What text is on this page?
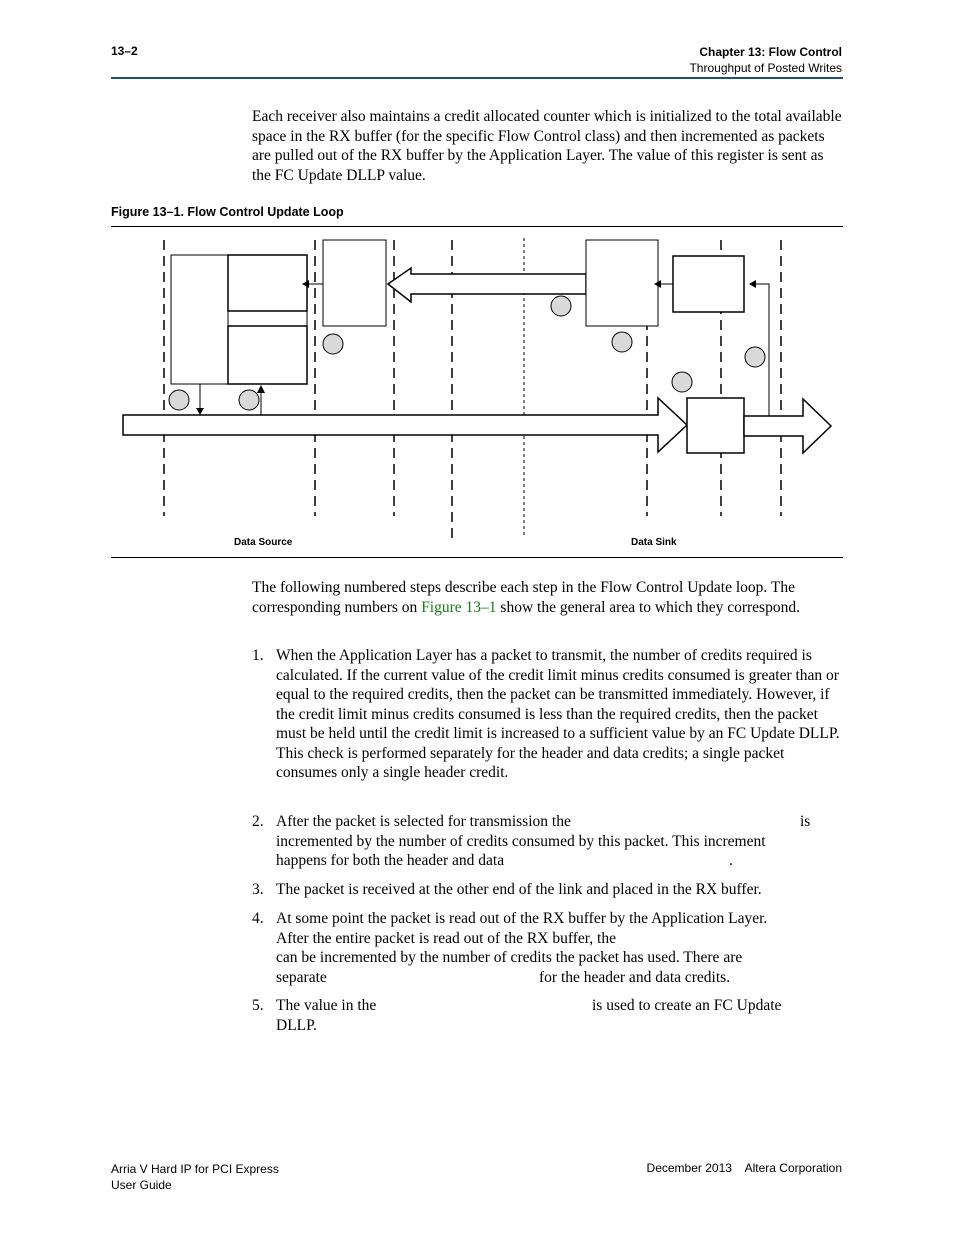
13–2	Chapter 13: Flow Control
Throughput of Posted Writes
Each receiver also maintains a credit allocated counter which is initialized to the total available space in the RX buffer (for the specific Flow Control class) and then incremented as packets are pulled out of the RX buffer by the Application Layer. The value of this register is sent as the FC Update DLLP value.
Figure 13–1. Flow Control Update Loop
Data Source	Data Sink
The following numbered steps describe each step in the Flow Control Update loop. The corresponding numbers on Figure 13–1 show the general area to which they correspond.
1. When the Application Layer has a packet to transmit, the number of credits required is calculated. If the current value of the credit limit minus credits consumed is greater than or equal to the required credits, then the packet can be transmitted immediately. However, if the credit limit minus credits consumed is less than the required credits, then the packet must be held until the credit limit is increased to a sufficient value by an FC Update DLLP. This check is performed separately for the header and data credits; a single packet consumes only a single header credit.
2. After the packet is selected for transmission the	is
incremented by the number of credits consumed by this packet. This increment
happens for both the header and data	.
3. The packet is received at the other end of the link and placed in the RX buffer.
4. At some point the packet is read out of the RX buffer by the Application Layer.
After the entire packet is read out of the RX buffer, the
can be incremented by the number of credits the packet has used. There are
separate	for the header and data credits.
5. The value in the	is used to create an FC Update
DLLP.
Arria V Hard IP for PCI Express
User Guide
December 2013    Altera Corporation
